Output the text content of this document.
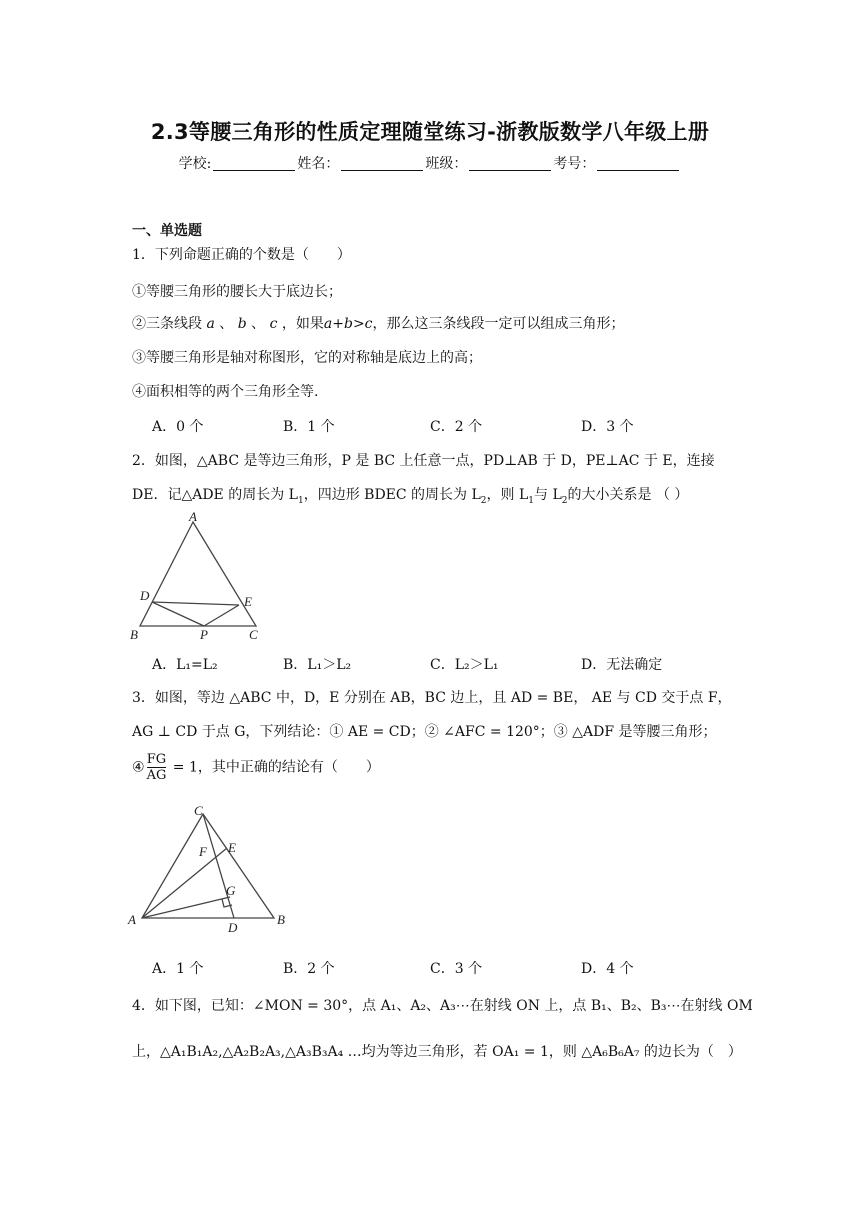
2.3等腰三角形的性质定理随堂练习-浙教版数学八年级上册
学校:	姓名：	班级：	考号：
一、单选题
1．下列命题正确的个数是（　　）
①等腰三角形的腰长大于底边长；
②三条线段 a 、 b 、 c ，如果a+b>c，那么这三条线段一定可以组成三角形；
③等腰三角形是轴对称图形，它的对称轴是底边上的高；
④面积相等的两个三角形全等.
A．0 个	B．1 个	C．2 个	D．3 个
2．如图，△ABC 是等边三角形，P 是 BC 上任意一点，PD⊥AB 于 D，PE⊥AC 于 E，连接
DE．记△ADE 的周长为 $L_1$，四边形 BDEC 的周长为 $L_2$，则 $L_1$与 $L_2$的大小关系是 （ ）
A
D	E
B	P	C
A．L₁=L₂	B．L₁＞L₂	C．L₂＞L₁	D．无法确定
3．如图，等边 △ABC 中，D，E 分别在 AB，BC 边上，且 AD = BE， AE 与 CD 交于点 F，
AG ⊥ CD 于点 G，下列结论：① AE = CD；② ∠AFC = 120°；③ △ADF 是等腰三角形；
④ $\frac{FG}{AG} = 1$，其中正确的结论有（　　）
C
F E
G
A
D
B
A．1 个	B．2 个	C．3 个	D．4 个
4．如下图，已知：∠MON = 30°，点 A₁、A₂、A₃⋯在射线 ON 上，点 B₁、B₂、B₃⋯在射线 OM
上，△A₁B₁A₂,△A₂B₂A₃,△A₃B₃A₄ …均为等边三角形，若 OA₁ = 1，则 △A₆B₆A₇ 的边长为（　）
